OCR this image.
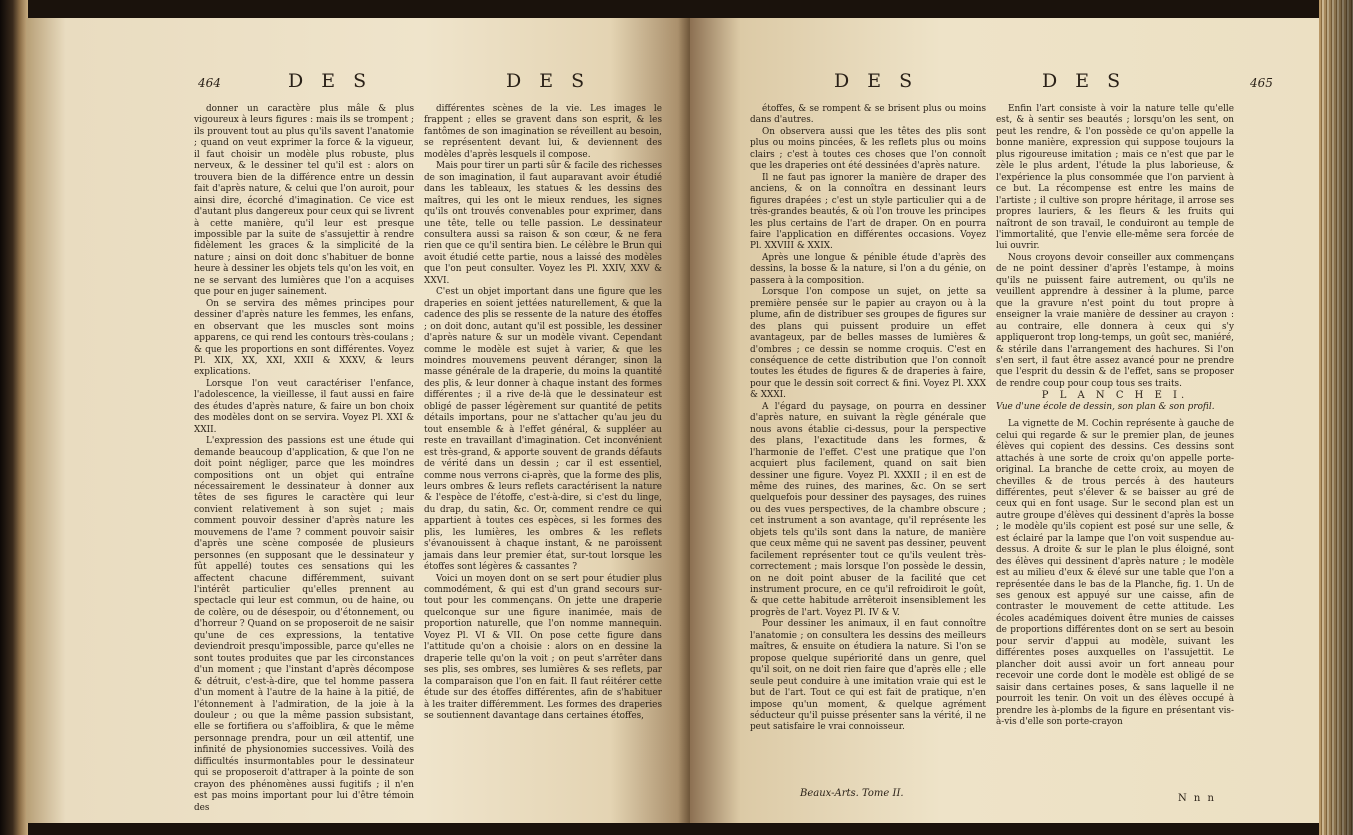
464	D E S	D E S

donner un caractère plus mâle & plus vigoureux à leurs figures : mais ils se trompent ; ils prouvent tout au plus qu'ils savent l'anatomie ; quand on veut exprimer la force & la vigueur, il faut choisir un modèle plus robuste, plus nerveux, & le dessiner tel qu'il est : alors on trouvera bien de la différence entre un dessin fait d'après nature, & celui que l'on auroit, pour ainsi dire, écorché d'imagination. Ce vice est d'autant plus dangereux pour ceux qui se livrent à cette manière, qu'il leur est presque impossible par la suite de s'assujettir à rendre fidèlement les graces & la simplicité de la nature ; ainsi on doit donc s'habituer de bonne heure à dessiner les objets tels qu'on les voit, en ne se servant des lumières que l'on a acquises que pour en juger sainement.

On se servira des mêmes principes pour dessiner d'après nature les femmes, les enfans, en observant que les muscles sont moins apparens, ce qui rend les contours très-coulans ; & que les proportions en sont différentes. Voyez Pl. XIX, XX, XXI, XXII & XXXV, & leurs explications.

Lorsque l'on veut caractériser l'enfance, l'adolescence, la vieillesse, il faut aussi en faire des études d'après nature, & faire un bon choix des modèles dont on se servira. Voyez Pl. XXI & XXII.

L'expression des passions est une étude qui demande beaucoup d'application, & que l'on ne doit point négliger, parce que les moindres compositions ont un objet qui entraîne nécessairement le dessinateur à donner aux têtes de ses figures le caractère qui leur convient relativement à son sujet ; mais comment pouvoir dessiner d'après nature les mouvemens de l'ame ? comment pouvoir saisir d'après une scène composée de plusieurs personnes (en supposant que le dessinateur y fût appellé) toutes ces sensations qui les affectent chacune différemment, suivant l'intérêt particulier qu'elles prennent au spectacle qui leur est commun, ou de haine, ou de colère, ou de désespoir, ou d'étonnement, ou d'horreur ? Quand on se proposeroit de ne saisir qu'une de ces expressions, la tentative deviendroit presqu'impossible, parce qu'elles ne sont toutes produites que par les circonstances d'un moment ; que l'instant d'après décompose & détruit, c'est-à-dire, que tel homme passera d'un moment à l'autre de la haine à la pitié, de l'étonnement à l'admiration, de la joie à la douleur ; ou que la même passion subsistant, elle se fortifiera ou s'affoiblira, & que le même personnage prendra, pour un œil attentif, une infinité de physionomies successives. Voilà des difficultés insurmontables pour le dessinateur qui se proposeroit d'attraper à la pointe de son crayon des phénomènes aussi fugitifs ; il n'en est pas moins important pour lui d'être témoin des

différentes scènes de la vie. Les images le frappent ; elles se gravent dans son esprit, & les fantômes de son imagination se réveillent au besoin, se représentent devant lui, & deviennent des modèles d'après lesquels il compose.

Mais pour tirer un parti sûr & facile des richesses de son imagination, il faut auparavant avoir étudié dans les tableaux, les statues & les dessins des maîtres, qui les ont le mieux rendues, les signes qu'ils ont trouvés convenables pour exprimer, dans une tête, telle ou telle passion. Le dessinateur consultera aussi sa raison & son cœur, & ne fera rien que ce qu'il sentira bien. Le célèbre le Brun qui avoit étudié cette partie, nous a laissé des modèles que l'on peut consulter. Voyez les Pl. XXIV, XXV & XXVI.

C'est un objet important dans une figure que les draperies en soient jettées naturellement, & que la cadence des plis se ressente de la nature des étoffes ; on doit donc, autant qu'il est possible, les dessiner d'après nature & sur un modèle vivant. Cependant comme le modèle est sujet à varier, & que les moindres mouvemens peuvent déranger, sinon la masse générale de la draperie, du moins la quantité des plis, & leur donner à chaque instant des formes différentes ; il a rive de-là que le dessinateur est obligé de passer légèrement sur quantité de petits détails importans, pour ne s'attacher qu'au jeu du tout ensemble & à l'effet général, & suppléer au reste en travaillant d'imagination. Cet inconvénient est très-grand, & apporte souvent de grands défauts de vérité dans un dessin ; car il est essentiel, comme nous verrons ci-après, que la forme des plis, leurs ombres & leurs reflets caractérisent la nature & l'espèce de l'étoffe, c'est-à-dire, si c'est du linge, du drap, du satin, &c. Or, comment rendre ce qui appartient à toutes ces espèces, si les formes des plis, les lumières, les ombres & les reflets s'évanouissent à chaque instant, & ne paroissent jamais dans leur premier état, sur-tout lorsque les étoffes sont légères & cassantes ?

Voici un moyen dont on se sert pour étudier plus commodément, & qui est d'un grand secours sur-tout pour les commençans. On jette une draperie quelconque sur une figure inanimée, mais de proportion naturelle, que l'on nomme mannequin. Voyez Pl. VI & VII. On pose cette figure dans l'attitude qu'on a choisie : alors on en dessine la draperie telle qu'on la voit ; on peut s'arrêter dans ses plis, ses ombres, ses lumières & ses reflets, par la comparaison que l'on en fait. Il faut réitérer cette étude sur des étoffes différentes, afin de s'habituer à les traiter différemment. Les formes des draperies se soutiennent davantage dans certaines étoffes,

D E S	D E S	465

étoffes, & se rompent & se brisent plus ou moins dans d'autres.

On observera aussi que les têtes des plis sont plus ou moins pincées, & les reflets plus ou moins clairs ; c'est à toutes ces choses que l'on connoît que les draperies ont été dessinées d'après nature.

Il ne faut pas ignorer la manière de draper des anciens, & on la connoîtra en dessinant leurs figures drapées ; c'est un style particulier qui a de très-grandes beautés, & où l'on trouve les principes les plus certains de l'art de draper. On en pourra faire l'application en différentes occasions. Voyez Pl. XXVIII & XXIX.

Après une longue & pénible étude d'après des dessins, la bosse & la nature, si l'on a du génie, on passera à la composition.

Lorsque l'on compose un sujet, on jette sa première pensée sur le papier au crayon ou à la plume, afin de distribuer ses groupes de figures sur des plans qui puissent produire un effet avantageux, par de belles masses de lumières & d'ombres ; ce dessin se nomme croquis. C'est en conséquence de cette distribution que l'on connoît toutes les études de figures & de draperies à faire, pour que le dessin soit correct & fini. Voyez Pl. XXX & XXXI.

A l'égard du paysage, on pourra en dessiner d'après nature, en suivant la règle générale que nous avons établie ci-dessus, pour la perspective des plans, l'exactitude dans les formes, & l'harmonie de l'effet. C'est une pratique que l'on acquiert plus facilement, quand on sait bien dessiner une figure. Voyez Pl. XXXII ; il en est de même des ruines, des marines, &c. On se sert quelquefois pour dessiner des paysages, des ruines ou des vues perspectives, de la chambre obscure ; cet instrument a son avantage, qu'il représente les objets tels qu'ils sont dans la nature, de manière que ceux même qui ne savent pas dessiner, peuvent facilement représenter tout ce qu'ils veulent très-correctement ; mais lorsque l'on possède le dessin, on ne doit point abuser de la facilité que cet instrument procure, en ce qu'il refroidiroit le goût, & que cette habitude arrêteroit insensiblement les progrès de l'art. Voyez Pl. IV & V.

Pour dessiner les animaux, il en faut connoître l'anatomie ; on consultera les dessins des meilleurs maîtres, & ensuite on étudiera la nature. Si l'on se propose quelque supériorité dans un genre, quel qu'il soit, on ne doit rien faire que d'après elle ; elle seule peut conduire à une imitation vraie qui est le but de l'art. Tout ce qui est fait de pratique, n'en impose qu'un moment, & quelque agrément séducteur qu'il puisse présenter sans la vérité, il ne peut satisfaire le vrai connoisseur.

Beaux-Arts. Tome II.

Enfin l'art consiste à voir la nature telle qu'elle est, & à sentir ses beautés ; lorsqu'on les sent, on peut les rendre, & l'on possède ce qu'on appelle la bonne manière, expression qui suppose toujours la plus rigoureuse imitation ; mais ce n'est que par le zèle le plus ardent, l'étude la plus laborieuse, & l'expérience la plus consommée que l'on parvient à ce but. La récompense est entre les mains de l'artiste ; il cultive son propre héritage, il arrose ses propres lauriers, & les fleurs & les fruits qui naîtront de son travail, le conduiront au temple de l'immortalité, que l'envie elle-même sera forcée de lui ouvrir.

Nous croyons devoir conseiller aux commençans de ne point dessiner d'après l'estampe, à moins qu'ils ne puissent faire autrement, ou qu'ils ne veuillent apprendre à dessiner à la plume, parce que la gravure n'est point du tout propre à enseigner la vraie manière de dessiner au crayon : au contraire, elle donnera à ceux qui s'y appliqueront trop long-temps, un goût sec, maniéré, & stérile dans l'arrangement des hachures. Si l'on s'en sert, il faut être assez avancé pour ne prendre que l'esprit du dessin & de l'effet, sans se proposer de rendre coup pour coup tous ses traits.

P L A N C H E I.

Vue d'une école de dessin, son plan & son profil.

La vignette de M. Cochin représente à gauche de celui qui regarde & sur le premier plan, de jeunes élèves qui copient des dessins. Ces dessins sont attachés à une sorte de croix qu'on appelle porte-original. La branche de cette croix, au moyen de chevilles & de trous percés à des hauteurs différentes, peut s'élever & se baisser au gré de ceux qui en font usage. Sur le second plan est un autre groupe d'élèves qui dessinent d'après la bosse ; le modèle qu'ils copient est posé sur une selle, & est éclairé par la lampe que l'on voit suspendue au-dessus. A droite & sur le plan le plus éloigné, sont des élèves qui dessinent d'après nature ; le modèle est au milieu d'eux & élevé sur une table que l'on a représentée dans le bas de la Planche, fig. 1. Un de ses genoux est appuyé sur une caisse, afin de contraster le mouvement de cette attitude. Les écoles académiques doivent être munies de caisses de proportions différentes dont on se sert au besoin pour servir d'appui au modèle, suivant les différentes poses auxquelles on l'assujettit. Le plancher doit aussi avoir un fort anneau pour recevoir une corde dont le modèle est obligé de se saisir dans certaines poses, & sans laquelle il ne pourroit les tenir. On voit un des élèves occupé à prendre les à-plombs de la figure en présentant vis-à-vis d'elle son porte-crayon

N n n
